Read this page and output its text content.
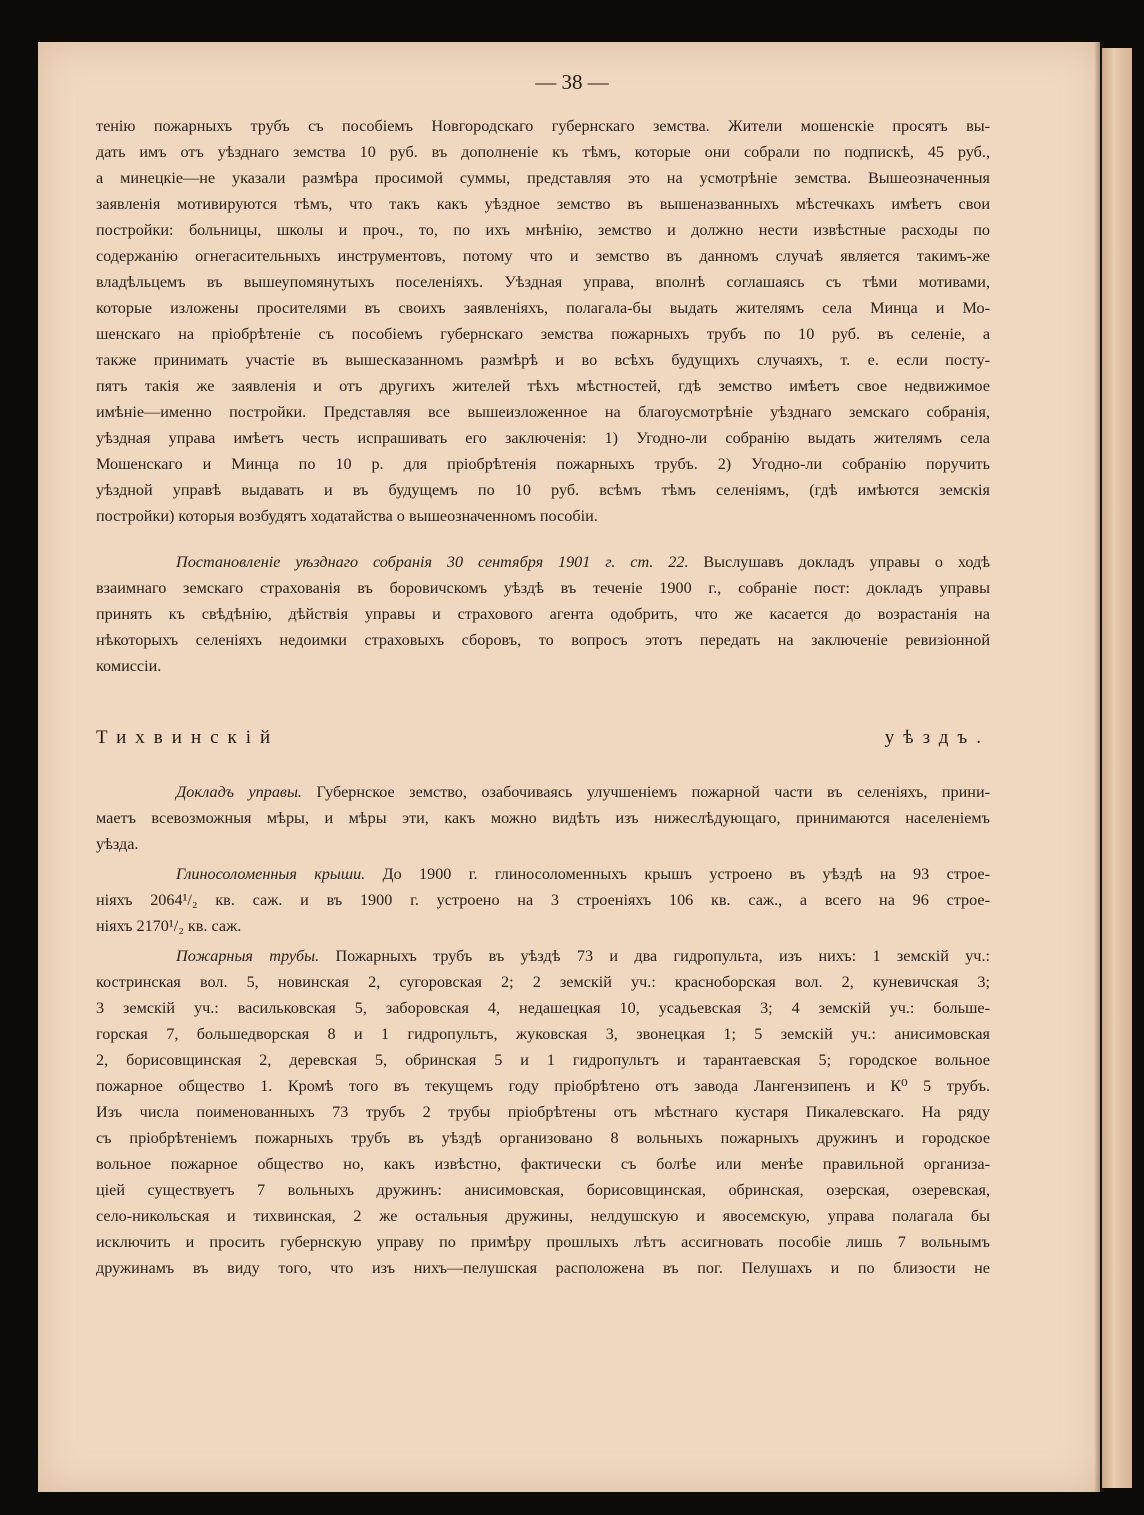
— 38 —
тенію пожарныхъ трубъ съ пособіемъ Новгородскаго губернскаго земства. Жители мошенскіе просятъ вы-
дать имъ отъ уѣзднаго земства 10 руб. въ дополненіе къ тѣмъ, которые они собрали по подпискѣ, 45 руб.,
а минецкіе—не указали размѣра просимой суммы, представляя это на усмотрѣніе земства. Вышеозначенныя
заявленія мотивируются тѣмъ, что такъ какъ уѣздное земство въ вышеназванныхъ мѣстечкахъ имѣетъ свои
постройки: больницы, школы и проч., то, по ихъ мнѣнію, земство и должно нести извѣстные расходы по
содержанію огнегасительныхъ инструментовъ, потому что и земство въ данномъ случаѣ является такимъ-же
владѣльцемъ въ вышеупомянутыхъ поселеніяхъ. Уѣздная управа, вполнѣ соглашаясь съ тѣми мотивами,
которые изложены просителями въ своихъ заявленіяхъ, полагала-бы выдать жителямъ села Минца и Мо-
шенскаго на пріобрѣтеніе съ пособіемъ губернскаго земства пожарныхъ трубъ по 10 руб. въ селеніе, а
также принимать участіе въ вышесказанномъ размѣрѣ и во всѣхъ будущихъ случаяхъ, т. е. если посту-
пятъ такія же заявленія и отъ другихъ жителей тѣхъ мѣстностей, гдѣ земство имѣетъ свое недвижимое
имѣніе—именно постройки. Представляя все вышеизложенное на благоусмотрѣніе уѣзднаго земскаго собранія,
уѣздная управа имѣетъ честь испрашивать его заключенія: 1) Угодно-ли собранію выдать жителямъ села
Мошенскаго и Минца по 10 р. для пріобрѣтенія пожарныхъ трубъ. 2) Угодно-ли собранію поручить
уѣздной управѣ выдавать и въ будущемъ по 10 руб. всѣмъ тѣмъ селеніямъ, (гдѣ имѣются земскія
постройки) которыя возбудятъ ходатайства о вышеозначенномъ пособіи.
Постановленіе уѣзднаго собранія 30 сентября 1901 г. ст. 22. Выслушавъ докладъ управы о ходѣ
взаимнаго земскаго страхованія въ боровичскомъ уѣздѣ въ теченіе 1900 г., собраніе пост: докладъ управы
принять къ свѣдѣнію, дѣйствія управы и страхового агента одобрить, что же касается до возрастанія на
нѣкоторыхъ селеніяхъ недоимки страховыхъ сборовъ, то вопросъ этотъ передать на заключеніе ревизіонной
комиссіи.

Тихвинскій уѣздъ.

Докладъ управы. Губернское земство, озабочиваясь улучшеніемъ пожарной части въ селеніяхъ, прини-
маетъ всевозможныя мѣры, и мѣры эти, какъ можно видѣть изъ нижеслѣдующаго, принимаются населеніемъ
уѣзда.
Глиносоломенныя крыши. До 1900 г. глиносоломенныхъ крышъ устроено въ уѣздѣ на 93 строе-
ніяхъ 2064¹/₂ кв. саж. и въ 1900 г. устроено на 3 строеніяхъ 106 кв. саж., а всего на 96 строе-
ніяхъ 2170¹/₂ кв. саж.
Пожарныя трубы. Пожарныхъ трубъ въ уѣздѣ 73 и два гидропульта, изъ нихъ: 1 земскій уч.:
костринская вол. 5, новинская 2, сугоровская 2; 2 земскій уч.: краснoборская вол. 2, куневичская 3;
3 земскій уч.: васильковская 5, заборовская 4, недашецкая 10, усадьевская 3; 4 земскій уч.: больше-
горская 7, большедворская 8 и 1 гидропультъ, жуковская 3, звонецкая 1; 5 земскій уч.: анисимовская
2, борисовщинская 2, деревская 5, обринская 5 и 1 гидропультъ и тарантаевская 5; городское вольное
пожарное общество 1. Кромѣ того въ текущемъ году пріобрѣтено отъ завода Лангензипенъ и К⁰ 5 трубъ.
Изъ числа поименованныхъ 73 трубъ 2 трубы пріобрѣтены отъ мѣстнаго кустаря Пикалевскаго. На ряду
съ пріобрѣтеніемъ пожарныхъ трубъ въ уѣздѣ организовано 8 вольныхъ пожарныхъ дружинъ и городское
вольное пожарное общество но, какъ извѣстно, фактически съ болѣе или менѣе правильной организа-
ціей существуетъ 7 вольныхъ дружинъ: анисимовская, борисовщинская, обринская, озерская, озеревская,
село-никольская и тихвинская, 2 же остальныя дружины, нелдушскую и явосемскую, управа полагала бы
исключить и просить губернскую управу по примѣру прошлыхъ лѣтъ ассигновать пособіе лишь 7 вольнымъ
дружинамъ въ виду того, что изъ нихъ—пелушская расположена въ пог. Пелушахъ и по близости не
